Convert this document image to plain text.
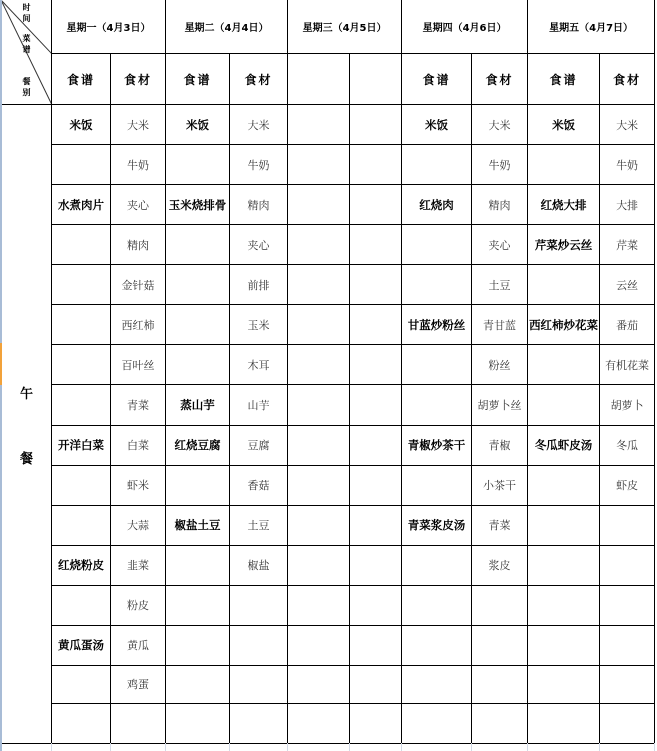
时间
菜谱
餐别	星期一（4月3日）		星期二（4月4日）		星期三（4月5日）		星期四（4月6日）		星期五（4月7日）	
	食谱	食材	食谱	食材			食谱	食材	食谱	食材

午
餐	米饭	大米	米饭	大米			米饭	大米	米饭	大米
		牛奶		牛奶				牛奶		牛奶
	水煮肉片	夹心	玉米烧排骨	精肉			红烧肉	精肉	红烧大排	大排
		精肉		夹心				夹心	芹菜炒云丝	芹菜
		金针菇		前排				土豆		云丝
		西红柿		玉米			甘蓝炒粉丝	青甘蓝	西红柿炒花菜	番茄
		百叶丝		木耳				粉丝		有机花菜
		青菜	蒸山芋	山芋				胡萝卜丝		胡萝卜
	开洋白菜	白菜	红烧豆腐	豆腐			青椒炒茶干	青椒	冬瓜虾皮汤	冬瓜
		虾米		香菇				小茶干		虾皮
		大蒜	椒盐土豆	土豆			青菜浆皮汤	青菜		
	红烧粉皮	韭菜		椒盐				浆皮		
		粉皮								
	黄瓜蛋汤	黄瓜								
		鸡蛋								
